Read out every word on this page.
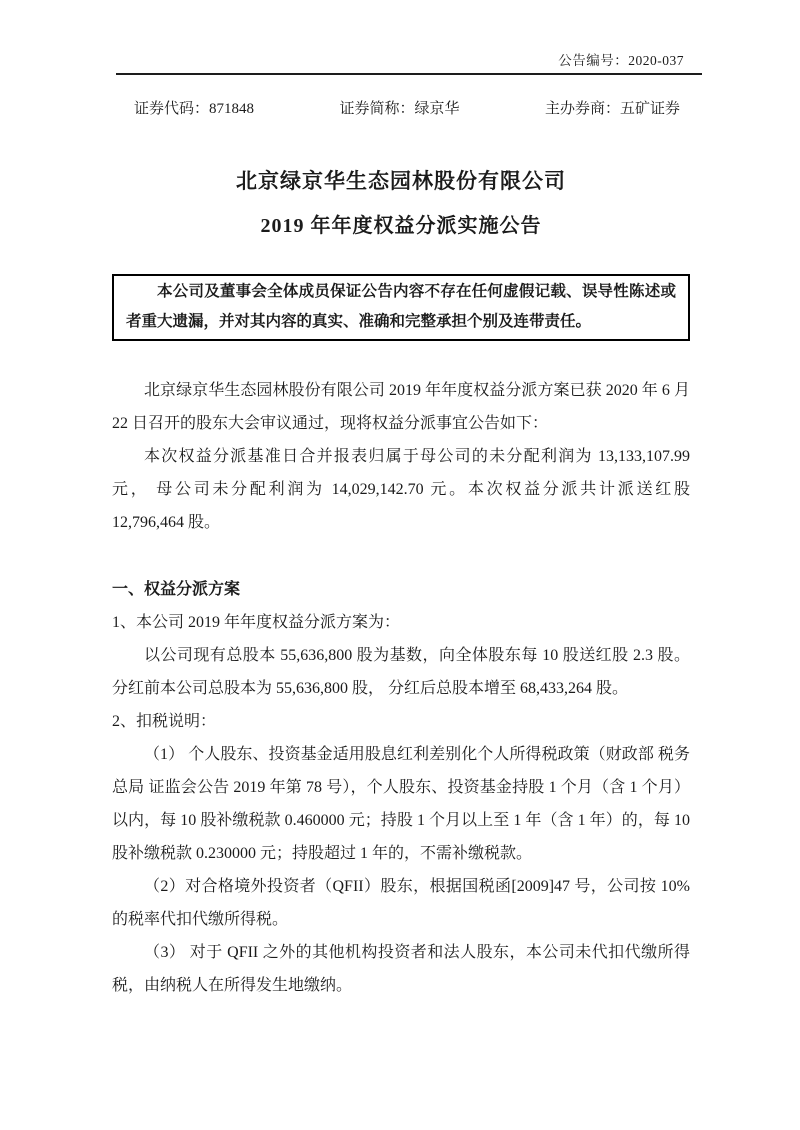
公告编号：2020-037
证券代码：871848	证券简称：绿京华	主办券商：五矿证券
北京绿京华生态园林股份有限公司
2019 年年度权益分派实施公告

本公司及董事会全体成员保证公告内容不存在任何虚假记载、误导性陈述或者重大遗漏，并对其内容的真实、准确和完整承担个别及连带责任。

北京绿京华生态园林股份有限公司 2019 年年度权益分派方案已获 2020 年 6 月 22 日召开的股东大会审议通过，现将权益分派事宜公告如下：

本次权益分派基准日合并报表归属于母公司的未分配利润为 13,133,107.99 元， 母公司未分配利润为 14,029,142.70 元。本次权益分派共计派送红股 12,796,464 股。

一、权益分派方案

1、本公司 2019 年年度权益分派方案为：

以公司现有总股本 55,636,800 股为基数，向全体股东每 10 股送红股 2.3 股。分红前本公司总股本为 55,636,800 股， 分红后总股本增至 68,433,264 股。

2、扣税说明：

（1） 个人股东、投资基金适用股息红利差别化个人所得税政策（财政部 税务总局 证监会公告 2019 年第 78 号），个人股东、投资基金持股 1 个月（含 1 个月）以内，每 10 股补缴税款 0.460000 元；持股 1 个月以上至 1 年（含 1 年）的，每 10 股补缴税款 0.230000 元；持股超过 1 年的，不需补缴税款。

（2）对合格境外投资者（QFII）股东，根据国税函[2009]47 号，公司按 10%的税率代扣代缴所得税。

（3） 对于 QFII 之外的其他机构投资者和法人股东，本公司未代扣代缴所得税，由纳税人在所得发生地缴纳。
